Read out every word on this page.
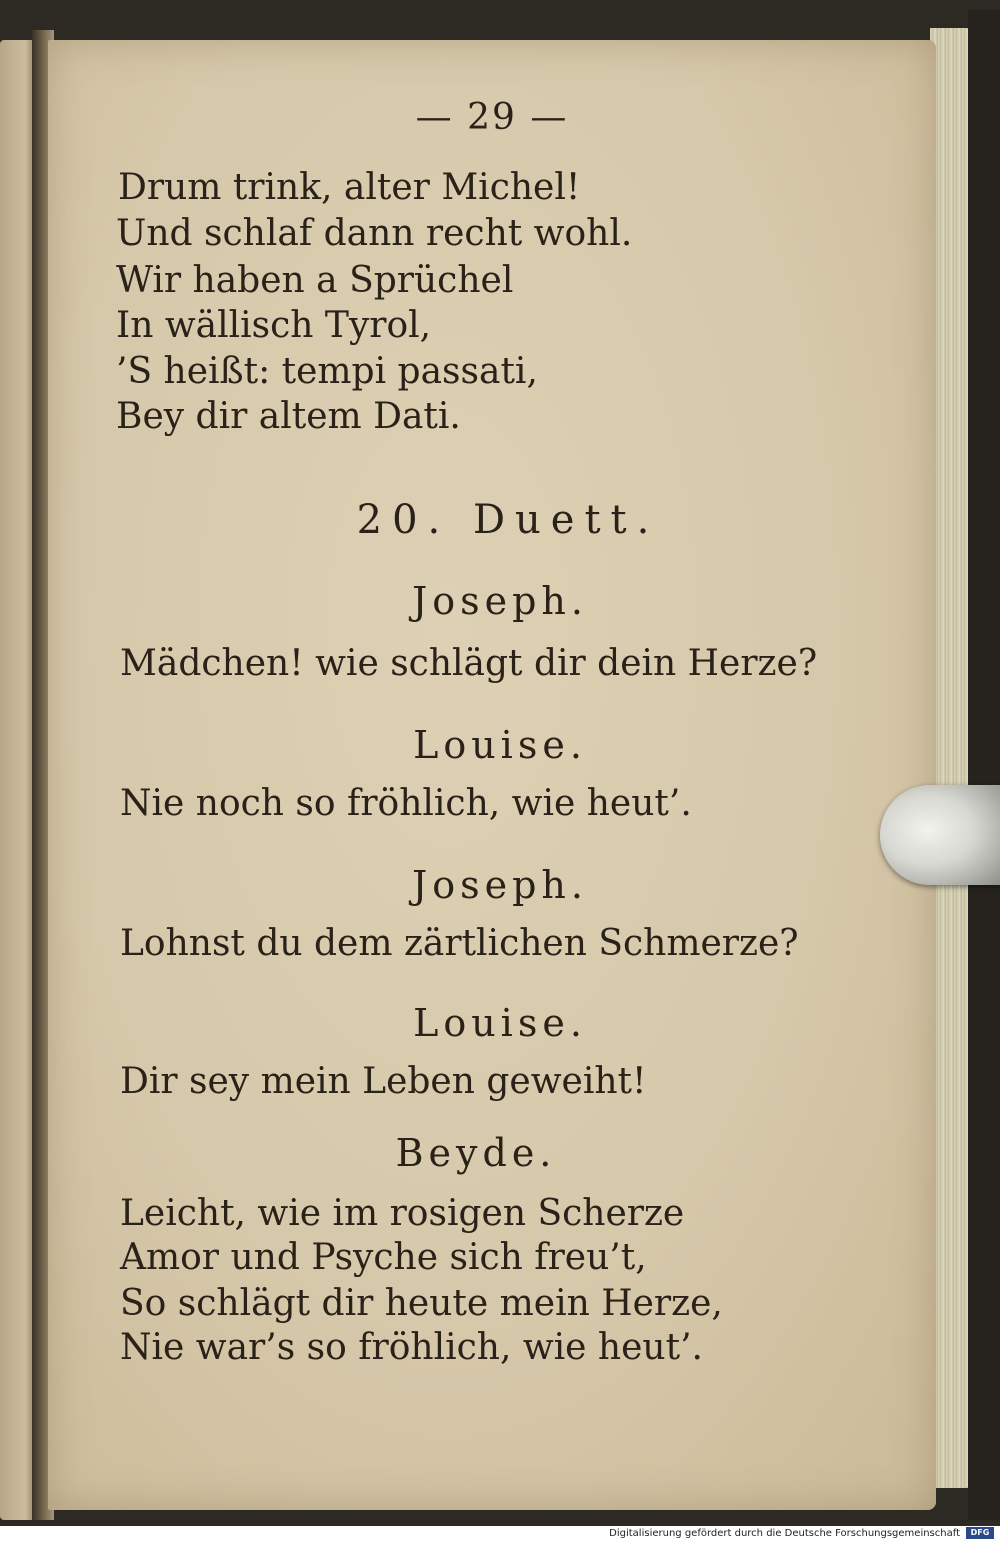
— 29 —
Drum trink, alter Michel!
Und schlaf dann recht wohl.
Wir haben a Sprüchel
In wällisch Tyrol,
’S heißt: tempi passati,
Bey dir altem Dati.
20. Duett.
Joseph.
Mädchen! wie schlägt dir dein Herze?
Louise.
Nie noch so fröhlich, wie heut’.
Joseph.
Lohnst du dem zärtlichen Schmerze?
Louise.
Dir sey mein Leben geweiht!
Beyde.
Leicht, wie im rosigen Scherze
Amor und Psyche sich freu’t,
So schlägt dir heute mein Herze,
Nie war’s so fröhlich, wie heut’.
Digitalisierung gefördert durch die Deutsche Forschungsgemeinschaft	DFG
